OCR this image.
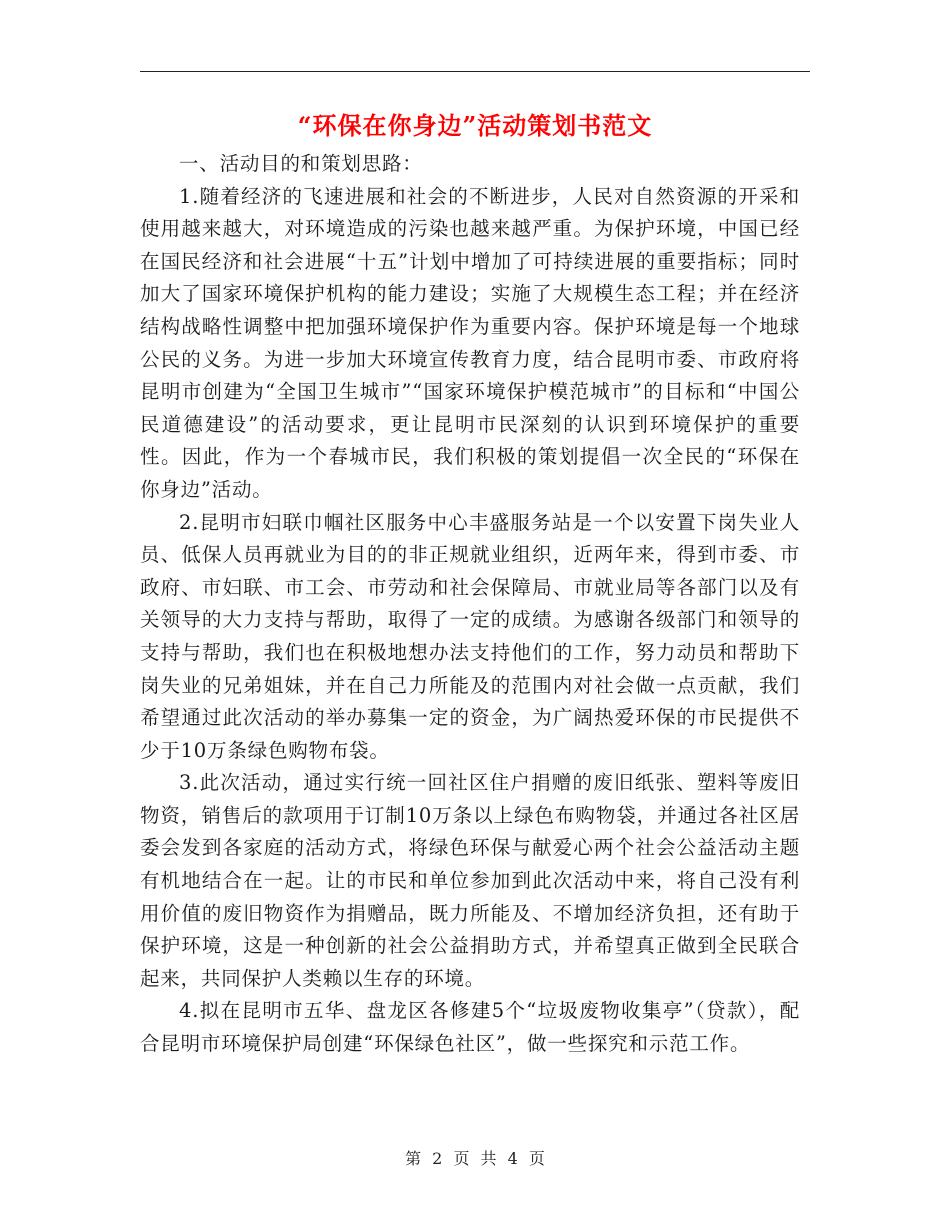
“环保在你身边”活动策划书范文

一、活动目的和策划思路：

1.随着经济的飞速进展和社会的不断进步，人民对自然资源的开采和使用越来越大，对环境造成的污染也越来越严重。为保护环境，中国已经在国民经济和社会进展“十五”计划中增加了可持续进展的重要指标；同时加大了国家环境保护机构的能力建设；实施了大规模生态工程；并在经济结构战略性调整中把加强环境保护作为重要内容。保护环境是每一个地球公民的义务。为进一步加大环境宣传教育力度，结合昆明市委、市政府将昆明市创建为“全国卫生城市”“国家环境保护模范城市”的目标和“中国公民道德建设”的活动要求，更让昆明市民深刻的认识到环境保护的重要性。因此，作为一个春城市民，我们积极的策划提倡一次全民的“环保在你身边”活动。

2.昆明市妇联巾帼社区服务中心丰盛服务站是一个以安置下岗失业人员、低保人员再就业为目的的非正规就业组织，近两年来，得到市委、市政府、市妇联、市工会、市劳动和社会保障局、市就业局等各部门以及有关领导的大力支持与帮助，取得了一定的成绩。为感谢各级部门和领导的支持与帮助，我们也在积极地想办法支持他们的工作，努力动员和帮助下岗失业的兄弟姐妹，并在自己力所能及的范围内对社会做一点贡献，我们希望通过此次活动的举办募集一定的资金，为广阔热爱环保的市民提供不少于10万条绿色购物布袋。

3.此次活动，通过实行统一回社区住户捐赠的废旧纸张、塑料等废旧物资，销售后的款项用于订制10万条以上绿色布购物袋，并通过各社区居委会发到各家庭的活动方式，将绿色环保与献爱心两个社会公益活动主题有机地结合在一起。让的市民和单位参加到此次活动中来，将自己没有利用价值的废旧物资作为捐赠品，既力所能及、不增加经济负担，还有助于保护环境，这是一种创新的社会公益捐助方式，并希望真正做到全民联合起来，共同保护人类赖以生存的环境。

4.拟在昆明市五华、盘龙区各修建5个“垃圾废物收集亭”（贷款），配合昆明市环境保护局创建“环保绿色社区”，做一些探究和示范工作。

第 2 页 共 4 页
